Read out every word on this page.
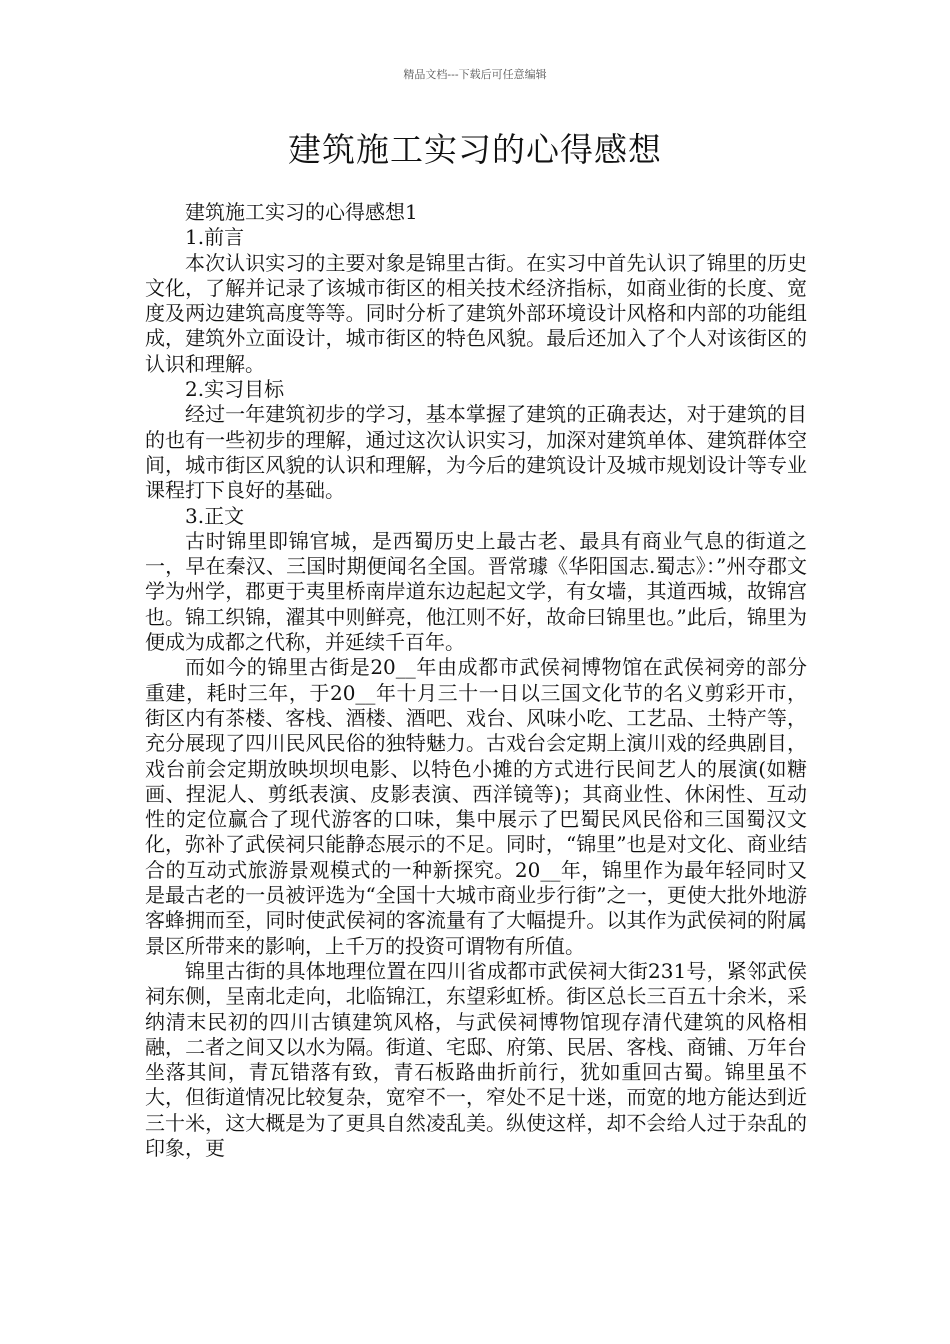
精品文档---下载后可任意编辑
建筑施工实习的心得感想

建筑施工实习的心得感想1

1.前言

本次认识实习的主要对象是锦里古街。在实习中首先认识了锦里的历史文化，了解并记录了该城市街区的相关技术经济指标，如商业街的长度、宽度及两边建筑高度等等。同时分析了建筑外部环境设计风格和内部的功能组成，建筑外立面设计，城市街区的特色风貌。最后还加入了个人对该街区的认识和理解。

2.实习目标

经过一年建筑初步的学习，基本掌握了建筑的正确表达，对于建筑的目的也有一些初步的理解，通过这次认识实习，加深对建筑单体、建筑群体空间，城市街区风貌的认识和理解，为今后的建筑设计及城市规划设计等专业课程打下良好的基础。

3.正文

古时锦里即锦官城，是西蜀历史上最古老、最具有商业气息的街道之一，早在秦汉、三国时期便闻名全国。晋常璩《华阳国志.蜀志》：”州夺郡文学为州学，郡更于夷里桥南岸道东边起起文学，有女墙，其道西城，故锦宫也。锦工织锦，濯其中则鲜亮，他江则不好，故命曰锦里也。”此后，锦里为便成为成都之代称，并延续千百年。

而如今的锦里古街是20__年由成都市武侯祠博物馆在武侯祠旁的部分重建，耗时三年，于20__年十月三十一日以三国文化节的名义剪彩开市，街区内有茶楼、客栈、酒楼、酒吧、戏台、风味小吃、工艺品、土特产等，充分展现了四川民风民俗的独特魅力。古戏台会定期上演川戏的经典剧目，戏台前会定期放映坝坝电影、以特色小摊的方式进行民间艺人的展演(如糖画、捏泥人、剪纸表演、皮影表演、西洋镜等)；其商业性、休闲性、互动性的定位赢合了现代游客的口味，集中展示了巴蜀民风民俗和三国蜀汉文化，弥补了武侯祠只能静态展示的不足。同时，“锦里”也是对文化、商业结合的互动式旅游景观模式的一种新探究。20__年，锦里作为最年轻同时又是最古老的一员被评选为“全国十大城市商业步行街”之一，更使大批外地游客蜂拥而至，同时使武侯祠的客流量有了大幅提升。以其作为武侯祠的附属景区所带来的影响，上千万的投资可谓物有所值。

锦里古街的具体地理位置在四川省成都市武侯祠大街231号，紧邻武侯祠东侧，呈南北走向，北临锦江，东望彩虹桥。街区总长三百五十余米，采纳清末民初的四川古镇建筑风格，与武侯祠博物馆现存清代建筑的风格相融，二者之间又以水为隔。街道、宅邸、府第、民居、客栈、商铺、万年台坐落其间，青瓦错落有致，青石板路曲折前行，犹如重回古蜀。锦里虽不大，但街道情况比较复杂，宽窄不一，窄处不足十迷，而宽的地方能达到近三十米，这大概是为了更具自然凌乱美。纵使这样，却不会给人过于杂乱的印象，更
